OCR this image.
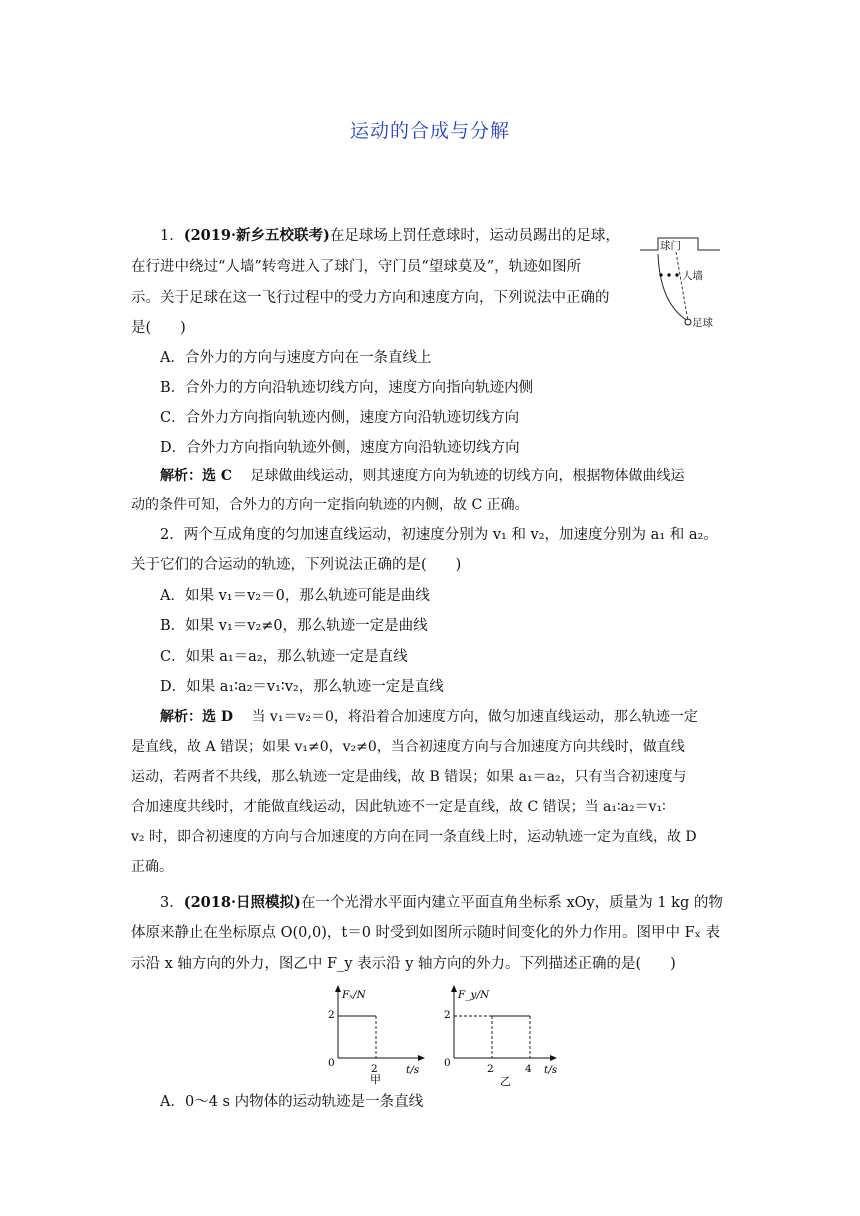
运动的合成与分解
1．(2019·新乡五校联考)在足球场上罚任意球时，运动员踢出的足球，
在行进中绕过“人墙”转弯进入了球门，守门员“望球莫及”，轨迹如图所
示。关于足球在这一飞行过程中的受力方向和速度方向，下列说法中正确的
是(　　)
球门
人墙
足球
A．合外力的方向与速度方向在一条直线上
B．合外力的方向沿轨迹切线方向，速度方向指向轨迹内侧
C．合外力方向指向轨迹内侧，速度方向沿轨迹切线方向
D．合外力方向指向轨迹外侧，速度方向沿轨迹切线方向
解析：选 C　 足球做曲线运动，则其速度方向为轨迹的切线方向，根据物体做曲线运
动的条件可知，合外力的方向一定指向轨迹的内侧，故 C 正确。
2．两个互成角度的匀加速直线运动，初速度分别为 v₁ 和 v₂，加速度分别为 a₁ 和 a₂。
关于它们的合运动的轨迹，下列说法正确的是(　　)
A．如果 v₁＝v₂＝0，那么轨迹可能是曲线
B．如果 v₁＝v₂≠0，那么轨迹一定是曲线
C．如果 a₁＝a₂，那么轨迹一定是直线
D．如果 a₁∶a₂＝v₁∶v₂，那么轨迹一定是直线
解析：选 D　 当 v₁＝v₂＝0，将沿着合加速度方向，做匀加速直线运动，那么轨迹一定
是直线，故 A 错误；如果 v₁≠0，v₂≠0，当合初速度方向与合加速度方向共线时，做直线
运动，若两者不共线，那么轨迹一定是曲线，故 B 错误；如果 a₁＝a₂，只有当合初速度与
合加速度共线时，才能做直线运动，因此轨迹不一定是直线，故 C 错误；当 a₁∶a₂＝v₁∶
v₂ 时，即合初速度的方向与合加速度的方向在同一条直线上时，运动轨迹一定为直线，故 D
正确。
3．(2018·日照模拟)在一个光滑水平面内建立平面直角坐标系 xOy，质量为 1 kg 的物
体原来静止在坐标原点 O(0,0)，t＝0 时受到如图所示随时间变化的外力作用。图甲中 Fₓ 表
示沿 x 轴方向的外力，图乙中 F_y 表示沿 y 轴方向的外力。下列描述正确的是(　　)
Fₓ/N
t/s
0
2
2
甲
F_y/N
t/s
0
2
2	4
乙
A．0～4 s 内物体的运动轨迹是一条直线
